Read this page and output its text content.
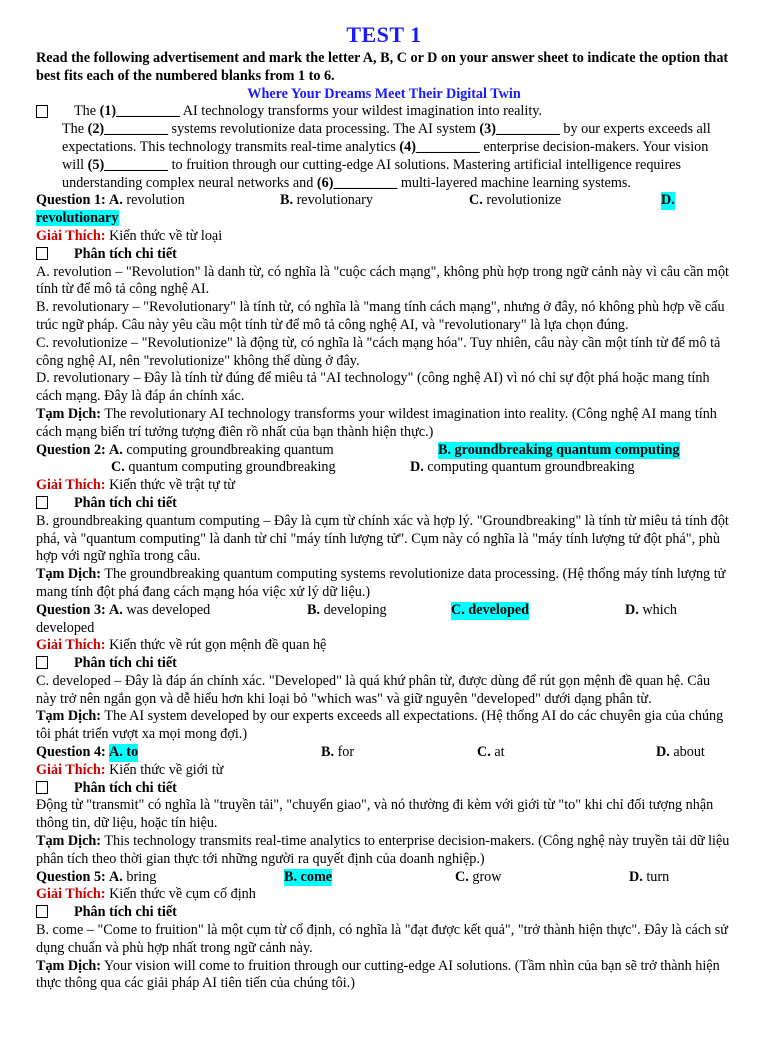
TEST 1

Read the following advertisement and mark the letter A, B, C or D on your answer sheet to indicate the option that best fits each of the numbered blanks from 1 to 6.

Where Your Dreams Meet Their Digital Twin

The (1)_________ AI technology transforms your wildest imagination into reality.

The (2)_________ systems revolutionize data processing. The AI system (3)_________ by our experts exceeds all expectations. This technology transmits real-time analytics (4)_________ enterprise decision-makers. Your vision will (5)_________ to fruition through our cutting-edge AI solutions. Mastering artificial intelligence requires understanding complex neural networks and (6)_________ multi-layered machine learning systems.

Question 1: A. revolution	B. revolutionary	C. revolutionize	D.

revolutionary

Giải Thích: Kiến thức về từ loại

Phân tích chi tiết

A. revolution – "Revolution" là danh từ, có nghĩa là "cuộc cách mạng", không phù hợp trong ngữ cảnh này vì câu cần một tính từ để mô tả công nghệ AI.

B. revolutionary – "Revolutionary" là tính từ, có nghĩa là "mang tính cách mạng", nhưng ở đây, nó không phù hợp về cấu trúc ngữ pháp. Câu này yêu cầu một tính từ để mô tả công nghệ AI, và "revolutionary" là lựa chọn đúng.

C. revolutionize – "Revolutionize" là động từ, có nghĩa là "cách mạng hóa". Tuy nhiên, câu này cần một tính từ để mô tả công nghệ AI, nên "revolutionize" không thể dùng ở đây.

D. revolutionary – Đây là tính từ đúng để miêu tả "AI technology" (công nghệ AI) vì nó chỉ sự đột phá hoặc mang tính cách mạng. Đây là đáp án chính xác.

Tạm Dịch: The revolutionary AI technology transforms your wildest imagination into reality. (Công nghệ AI mang tính cách mạng biến trí tưởng tượng điên rồ nhất của bạn thành hiện thực.)

Question 2: A. computing groundbreaking quantum	B. groundbreaking quantum computing
C. quantum computing groundbreaking	D. computing quantum groundbreaking

Giải Thích: Kiến thức về trật tự từ

Phân tích chi tiết

B. groundbreaking quantum computing – Đây là cụm từ chính xác và hợp lý. "Groundbreaking" là tính từ miêu tả tính đột phá, và "quantum computing" là danh từ chỉ "máy tính lượng tử". Cụm này có nghĩa là "máy tính lượng tử đột phá", phù hợp với ngữ nghĩa trong câu.

Tạm Dịch: The groundbreaking quantum computing systems revolutionize data processing. (Hệ thống máy tính lượng tử mang tính đột phá đang cách mạng hóa việc xử lý dữ liệu.)

Question 3: A. was developed	B. developing	C. developed	D. which

developed

Giải Thích: Kiến thức về rút gọn mệnh đề quan hệ

Phân tích chi tiết

C. developed – Đây là đáp án chính xác. "Developed" là quá khứ phân từ, được dùng để rút gọn mệnh đề quan hệ. Câu này trở nên ngắn gọn và dễ hiểu hơn khi loại bỏ "which was" và giữ nguyên "developed" dưới dạng phân từ.

Tạm Dịch: The AI system developed by our experts exceeds all expectations. (Hệ thống AI do các chuyên gia của chúng tôi phát triển vượt xa mọi mong đợi.)

Question 4: A. to	B. for	C. at	D. about

Giải Thích: Kiến thức về giới từ

Phân tích chi tiết

Động từ "transmit" có nghĩa là "truyền tải", "chuyển giao", và nó thường đi kèm với giới từ "to" khi chỉ đối tượng nhận thông tin, dữ liệu, hoặc tín hiệu.

Tạm Dịch: This technology transmits real-time analytics to enterprise decision-makers. (Công nghệ này truyền tải dữ liệu phân tích theo thời gian thực tới những người ra quyết định của doanh nghiệp.)

Question 5: A. bring	B. come	C. grow	D. turn

Giải Thích: Kiến thức về cụm cố định

Phân tích chi tiết

B. come – "Come to fruition" là một cụm từ cố định, có nghĩa là "đạt được kết quả", "trở thành hiện thực". Đây là cách sử dụng chuẩn và phù hợp nhất trong ngữ cảnh này.

Tạm Dịch: Your vision will come to fruition through our cutting-edge AI solutions. (Tầm nhìn của bạn sẽ trở thành hiện thực thông qua các giải pháp AI tiên tiến của chúng tôi.)
